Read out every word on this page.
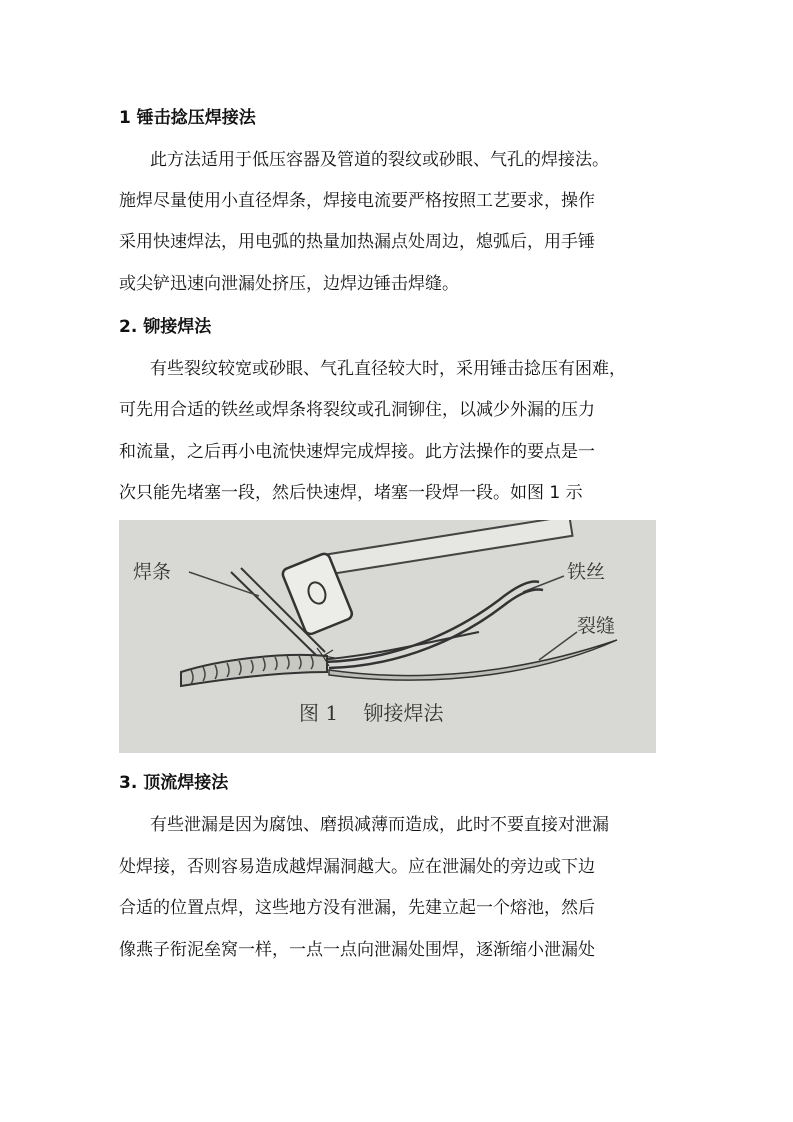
1 锤击捻压焊接法

此方法适用于低压容器及管道的裂纹或砂眼、气孔的焊接法。

施焊尽量使用小直径焊条，焊接电流要严格按照工艺要求，操作

采用快速焊法，用电弧的热量加热漏点处周边，熄弧后，用手锤

或尖铲迅速向泄漏处挤压，边焊边锤击焊缝。

2. 铆接焊法

有些裂纹较宽或砂眼、气孔直径较大时，采用锤击捻压有困难，

可先用合适的铁丝或焊条将裂纹或孔洞铆住，以减少外漏的压力

和流量，之后再小电流快速焊完成焊接。此方法操作的要点是一

次只能先堵塞一段，然后快速焊，堵塞一段焊一段。如图 1 示

焊条	铁丝
裂缝
图 1    铆接焊法
3. 顶流焊接法

有些泄漏是因为腐蚀、磨损减薄而造成，此时不要直接对泄漏

处焊接，否则容易造成越焊漏洞越大。应在泄漏处的旁边或下边

合适的位置点焊，这些地方没有泄漏，先建立起一个熔池，然后

像燕子衔泥垒窝一样，一点一点向泄漏处围焊，逐渐缩小泄漏处
